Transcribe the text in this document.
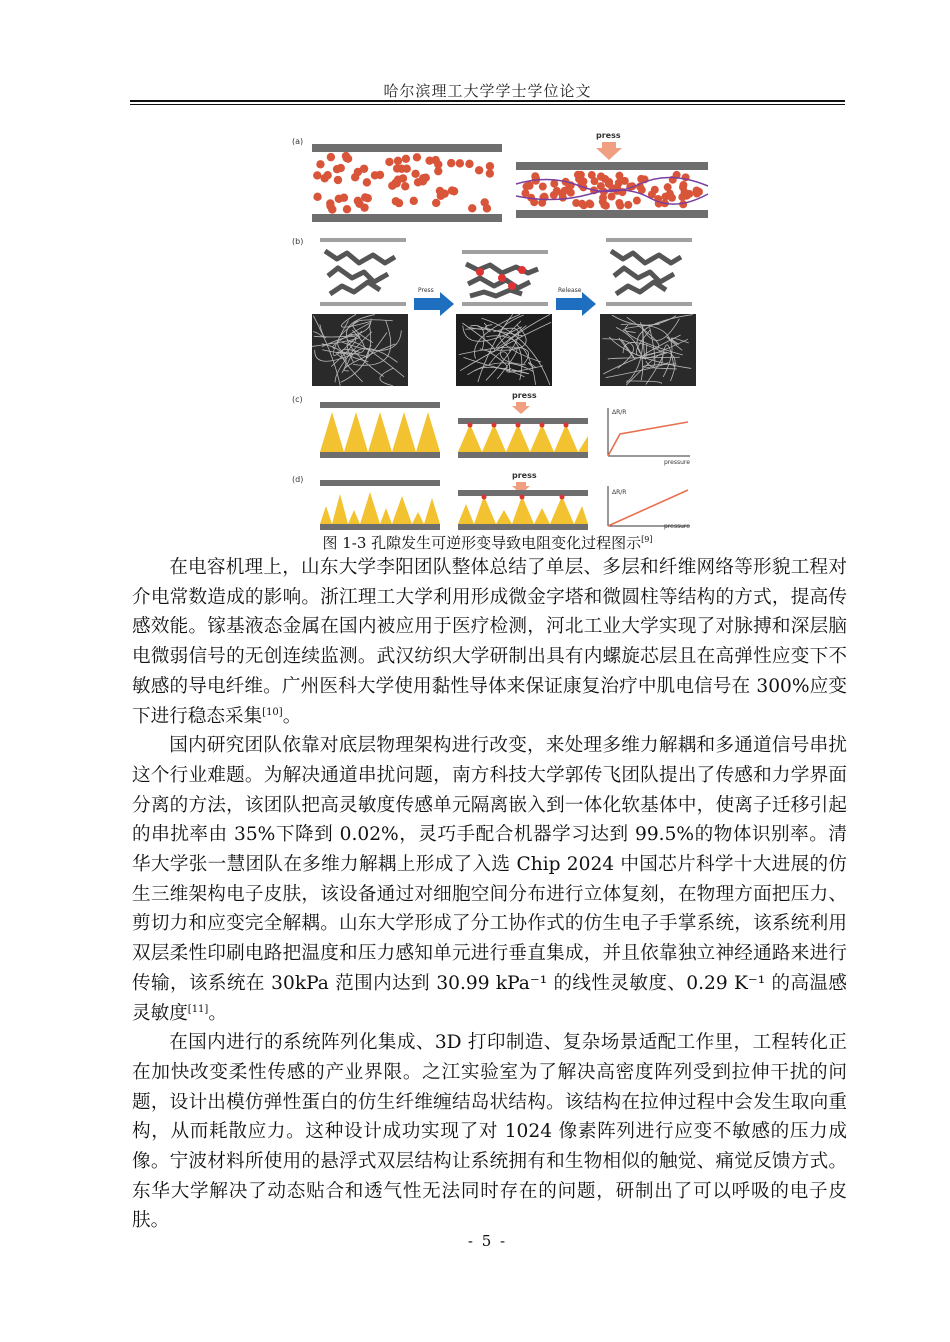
哈尔滨理工大学学士学位论文
(a)
press
(b)
Press	Release
(c)	press
ΔR/R
pressure
(d)	press
ΔR/R
pressure
图 1-3 孔隙发生可逆形变导致电阻变化过程图示[9]

在电容机理上，山东大学李阳团队整体总结了单层、多层和纤维网络等形貌工程对介电常数造成的影响。浙江理工大学利用形成微金字塔和微圆柱等结构的方式，提高传感效能。镓基液态金属在国内被应用于医疗检测，河北工业大学实现了对脉搏和深层脑电微弱信号的无创连续监测。武汉纺织大学研制出具有内螺旋芯层且在高弹性应变下不敏感的导电纤维。广州医科大学使用黏性导体来保证康复治疗中肌电信号在 300%应变下进行稳态采集[10]。

国内研究团队依靠对底层物理架构进行改变，来处理多维力解耦和多通道信号串扰这个行业难题。为解决通道串扰问题，南方科技大学郭传飞团队提出了传感和力学界面分离的方法，该团队把高灵敏度传感单元隔离嵌入到一体化软基体中，使离子迁移引起的串扰率由 35%下降到 0.02%，灵巧手配合机器学习达到 99.5%的物体识别率。清华大学张一慧团队在多维力解耦上形成了入选 Chip 2024 中国芯片科学十大进展的仿生三维架构电子皮肤，该设备通过对细胞空间分布进行立体复刻，在物理方面把压力、剪切力和应变完全解耦。山东大学形成了分工协作式的仿生电子手掌系统，该系统利用双层柔性印刷电路把温度和压力感知单元进行垂直集成，并且依靠独立神经通路来进行传输，该系统在 30kPa 范围内达到 30.99 kPa⁻¹ 的线性灵敏度、0.29 K⁻¹ 的高温感灵敏度[11]。

在国内进行的系统阵列化集成、3D 打印制造、复杂场景适配工作里，工程转化正在加快改变柔性传感的产业界限。之江实验室为了解决高密度阵列受到拉伸干扰的问题，设计出模仿弹性蛋白的仿生纤维缠结岛状结构。该结构在拉伸过程中会发生取向重构，从而耗散应力。这种设计成功实现了对 1024 像素阵列进行应变不敏感的压力成像。宁波材料所使用的悬浮式双层结构让系统拥有和生物相似的触觉、痛觉反馈方式。东华大学解决了动态贴合和透气性无法同时存在的问题，研制出了可以呼吸的电子皮肤。

- 5 -
